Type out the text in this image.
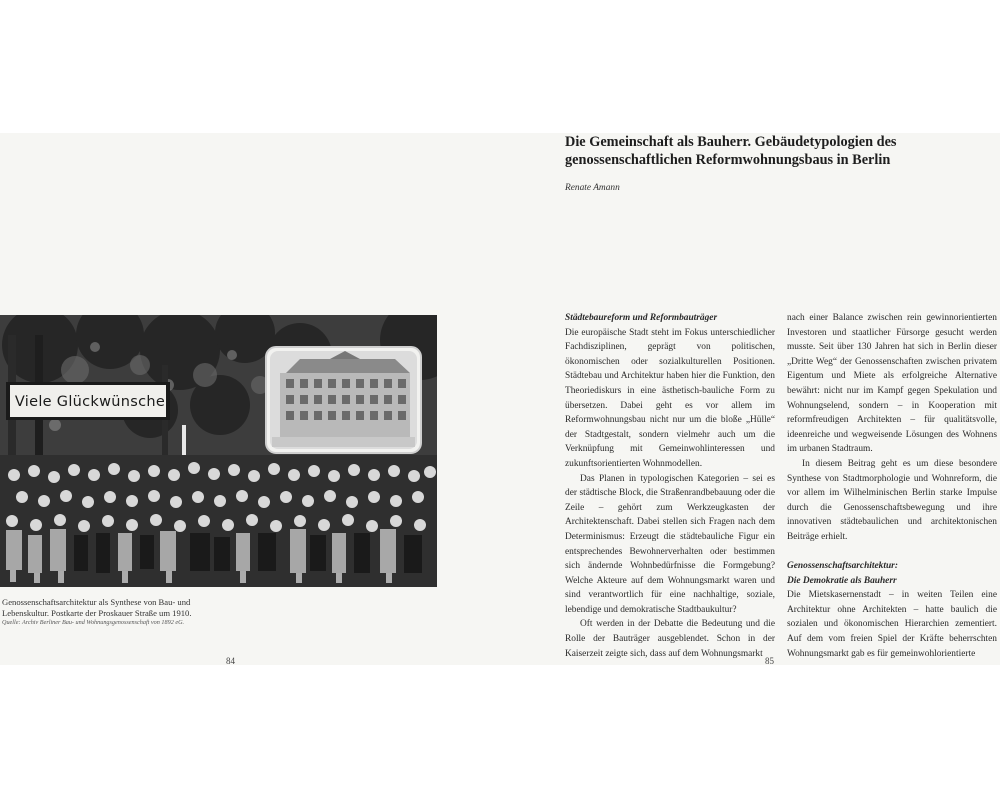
Viele Glückwünsche
Genossenschaftsarchitektur als Synthese von Bau- und
Lebenskultur. Postkarte der Proskauer Straße um 1910.
Quelle: Archiv Berliner Bau- und Wohnungsgenossenschaft von 1892 eG.
84
Die Gemeinschaft als Bauherr. Gebäudetypologien des
genossenschaftlichen Reformwohnungsbaus in Berlin
Renate Amann
Städtebaureform und Reformbauträger

Die europäische Stadt steht im Fokus unterschiedlicher Fachdisziplinen, geprägt von politischen, ökonomischen oder sozialkulturellen Positionen. Städtebau und Architektur haben hier die Funktion, den Theoriediskurs in eine ästhetisch-bauliche Form zu übersetzen. Dabei geht es vor allem im Reformwohnungsbau nicht nur um die bloße „Hülle“ der Stadtgestalt, sondern vielmehr auch um die Verknüpfung mit Gemeinwohlinteressen und zukunftsorientierten Wohnmodellen.

Das Planen in typologischen Kategorien – sei es der städtische Block, die Straßenrandbebauung oder die Zeile – gehört zum Werkzeugkasten der Architektenschaft. Dabei stellen sich Fragen nach dem Determinismus: Erzeugt die städtebauliche Figur ein entsprechendes Bewohnerverhalten oder bestimmen sich ändernde Wohnbedürfnisse die Formgebung? Welche Akteure auf dem Wohnungsmarkt waren und sind verantwortlich für eine nachhaltige, soziale, lebendige und demokratische Stadtbaukultur?

Oft werden in der Debatte die Bedeutung und die Rolle der Bauträger ausgeblendet. Schon in der Kaiserzeit zeigte sich, dass auf dem Wohnungsmarkt

nach einer Balance zwischen rein gewinnorientierten Investoren und staatlicher Fürsorge gesucht werden musste. Seit über 130 Jahren hat sich in Berlin dieser „Dritte Weg“ der Genossenschaften zwischen privatem Eigentum und Miete als erfolgreiche Alternative bewährt: nicht nur im Kampf gegen Spekulation und Wohnungselend, sondern – in Kooperation mit reformfreudigen Architekten – für qualitätsvolle, ideenreiche und wegweisende Lösungen des Wohnens im urbanen Stadtraum.

In diesem Beitrag geht es um diese besondere Synthese von Stadtmorphologie und Wohnreform, die vor allem im Wilhelminischen Berlin starke Impulse durch die Genossenschaftsbewegung und ihre innovativen städtebaulichen und architektonischen Beiträge erhielt.

Genossenschaftsarchitektur:
Die Demokratie als Bauherr

Die Mietskasernenstadt – in weiten Teilen eine Architektur ohne Architekten – hatte baulich die sozialen und ökonomischen Hierarchien zementiert. Auf dem vom freien Spiel der Kräfte beherrschten Wohnungsmarkt gab es für gemeinwohlorientierte

85
